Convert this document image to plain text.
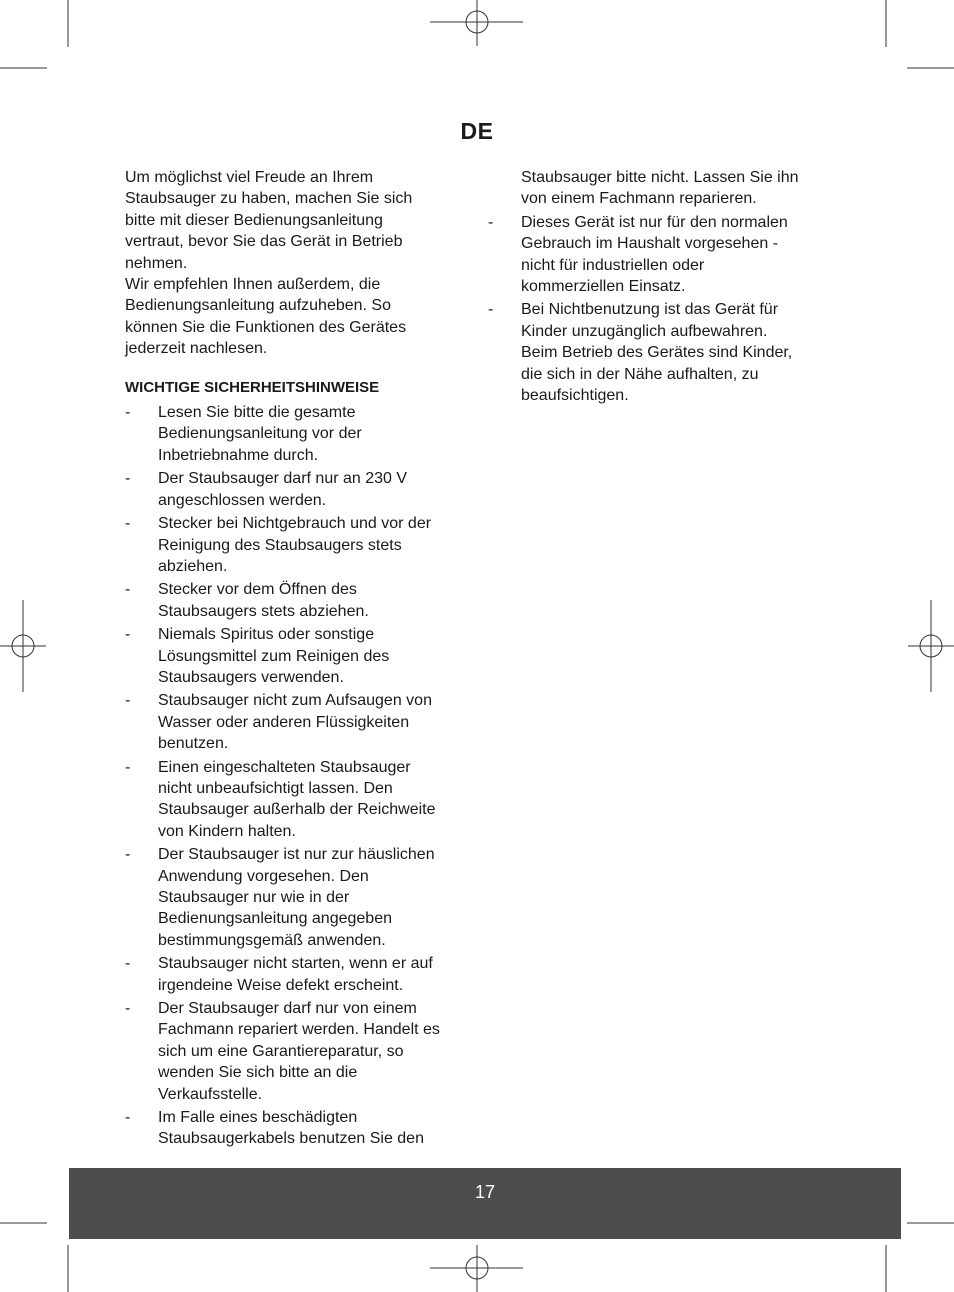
DE

Um möglichst viel Freude an Ihrem

Staubsauger zu haben, machen Sie sich

bitte mit dieser Bedienungsanleitung

vertraut, bevor Sie das Gerät in Betrieb

nehmen.

Wir empfehlen Ihnen außerdem, die

Bedienungsanleitung aufzuheben. So

können Sie die Funktionen des Gerätes

jederzeit nachlesen.

WICHTIGE SICHERHEITSHINWEISE

- Lesen Sie bitte die gesamte

Bedienungsanleitung vor der

Inbetriebnahme durch.

- Der Staubsauger darf nur an 230 V

angeschlossen werden.

- Stecker bei Nichtgebrauch und vor der

Reinigung des Staubsaugers stets

abziehen.

- Stecker vor dem Öffnen des

Staubsaugers stets abziehen.

- Niemals Spiritus oder sonstige

Lösungsmittel zum Reinigen des

Staubsaugers verwenden.

- Staubsauger nicht zum Aufsaugen von

Wasser oder anderen Flüssigkeiten

benutzen.

- Einen eingeschalteten Staubsauger

nicht unbeaufsichtigt lassen. Den

Staubsauger außerhalb der Reichweite

von Kindern halten.

- Der Staubsauger ist nur zur häuslichen

Anwendung vorgesehen. Den

Staubsauger nur wie in der

Bedienungsanleitung angegeben

bestimmungsgemäß anwenden.

- Staubsauger nicht starten, wenn er auf

irgendeine Weise defekt erscheint.

- Der Staubsauger darf nur von einem

Fachmann repariert werden. Handelt es

sich um eine Garantiereparatur, so

wenden Sie sich bitte an die

Verkaufsstelle.

- Im Falle eines beschädigten

Staubsaugerkabels benutzen Sie den

Staubsauger bitte nicht. Lassen Sie ihn

von einem Fachmann reparieren.

- Dieses Gerät ist nur für den normalen

Gebrauch im Haushalt vorgesehen -

nicht für industriellen oder

kommerziellen Einsatz.

- Bei Nichtbenutzung ist das Gerät für

Kinder unzugänglich aufbewahren.

Beim Betrieb des Gerätes sind Kinder,

die sich in der Nähe aufhalten, zu

beaufsichtigen.

17
